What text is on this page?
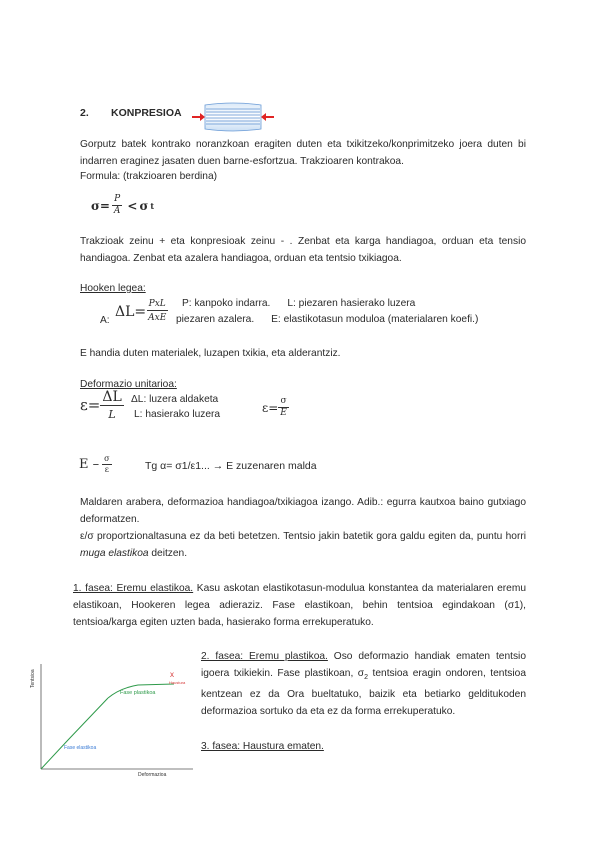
2. KONPRESIOA
Gorputz batek kontrako noranzkoan eragiten duten eta txikitzeko/konprimitzeko joera duten bi indarren eraginez jasaten duen barne-esfortzua. Trakzioaren kontrakoa.
Formula: (trakzioaren berdina)
$\sigma= \frac{P}{A} < \sigma$ t
Trakzioak zeinu + eta konpresioak zeinu - . Zenbat eta karga handiagoa, orduan eta tensio handiagoa. Zenbat eta azalera handiagoa, orduan eta tentsio txikiagoa.
Hooken legea:
A:
$\Delta L= \frac{\text{PxL}}{\text{AxE}} P$: kanpoko indarra.      L: piezaren hasierako luzera
piezaren azalera.      E: elastikotasun moduloa (materialaren koefi.)
E handia duten materialek, luzapen txikia, eta alderantziz.
Deformazio unitarioa:
$\varepsilon= \frac{\Delta L}{L} \Delta L$: luzera aldaketa
L: hasierako luzera	$\varepsilon= \frac{\sigma}{E}$
E – $\frac{\sigma}{\varepsilon}$	Tg α= σ1/ε1... → E zuzenaren malda
Maldaren arabera, deformazioa handiagoa/txikiagoa izango. Adib.: egurra kautxoa baino gutxiago deformatzen.
ε/σ proportzionaltasuna ez da beti betetzen. Tentsio jakin batetik gora galdu egiten da, puntu horri muga elastikoa deitzen.
1. fasea: Eremu elastikoa. Kasu askotan elastikotasun-modulua konstantea da materialaren eremu elastikoan, Hookeren legea adieraziz. Fase elastikoan, behin tentsioa egindakoan (σ1), tentsioa/karga egiten uzten bada, hasierako forma errekuperatuko.
Tentsioa
Deformazioa
Fase elastikoa
Fase plastikoa
x
Haustura
2. fasea: Eremu plastikoa. Oso deformazio handiak ematen tentsio igoera txikiekin. Fase plastikoan, $\sigma_2$ tentsioa eragin ondoren, tentsioa kentzean ez da Ora bueltatuko, baizik eta betiarko gelditukoden deformazioa sortuko da eta ez da forma errekuperatuko.
3. fasea: Haustura ematen.
